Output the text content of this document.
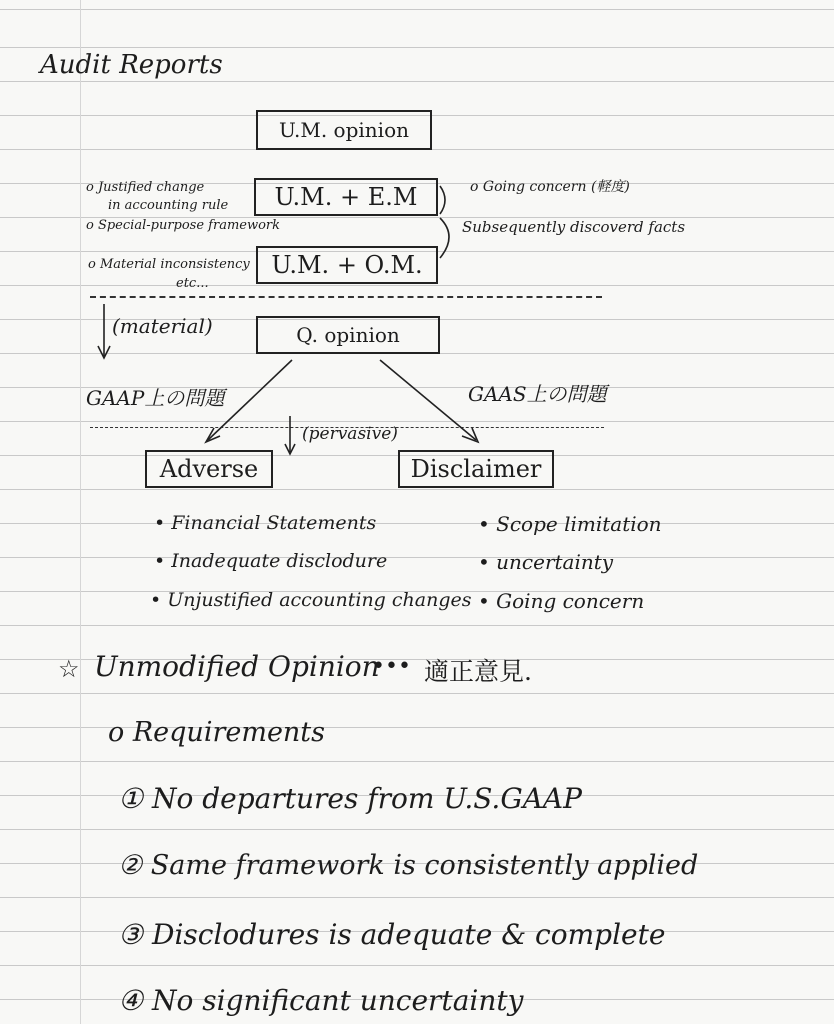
Audit Reports
U.M. opinion
U.M. + E.M
U.M. + O.M.
Q. opinion
Adverse	Disclaimer
o Justified change
in accounting rule
o Special-purpose framework
o Material inconsistency
etc...
o Going concern (軽度)
Subsequently discoverd facts
(material)
GAAP上の問題	GAAS上の問題
(pervasive)
• Financial Statements
• Inadequate disclodure
• Unjustified accounting changes
• Scope limitation
• uncertainty
• Going concern
☆ Unmodified Opinion
••• 適正意見.
o Requirements
① No departures from U.S.GAAP
② Same framework is consistently applied
③ Disclodures is adequate & complete
④ No significant uncertainty
